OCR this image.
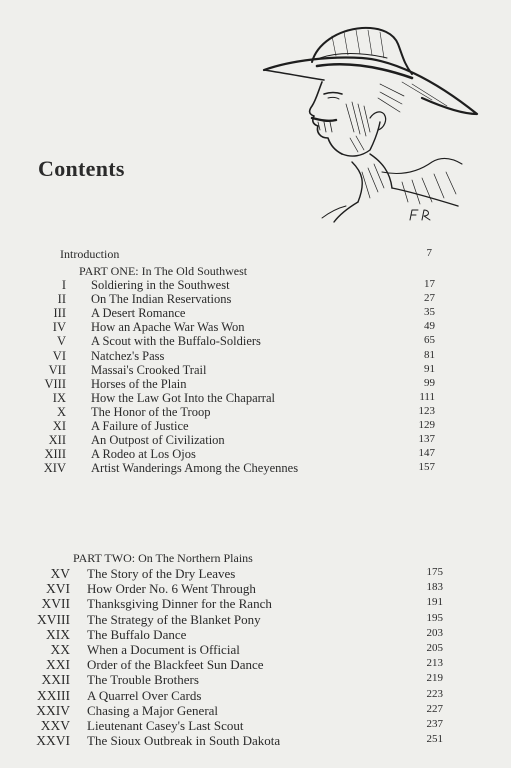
Contents
Introduction	7
PART ONE: In The Old Southwest
I Soldiering in the Southwest	17
II On The Indian Reservations	27
III A Desert Romance	35
IV How an Apache War Was Won	49
V A Scout with the Buffalo-Soldiers	65
VI Natchez's Pass	81
VII Massai's Crooked Trail	91
VIII Horses of the Plain	99
IX How the Law Got Into the Chaparral	111
X The Honor of the Troop	123
XI A Failure of Justice	129
XII An Outpost of Civilization	137
XIII A Rodeo at Los Ojos	147
XIV Artist Wanderings Among the Cheyennes	157
PART TWO: On The Northern Plains
XV The Story of the Dry Leaves	175
XVI How Order No. 6 Went Through	183
XVII Thanksgiving Dinner for the Ranch	191
XVIII The Strategy of the Blanket Pony	195
XIX The Buffalo Dance	203
XX When a Document is Official	205
XXI Order of the Blackfeet Sun Dance	213
XXII The Trouble Brothers	219
XXIII A Quarrel Over Cards	223
XXIV Chasing a Major General	227
XXV Lieutenant Casey's Last Scout	237
XXVI The Sioux Outbreak in South Dakota	251
